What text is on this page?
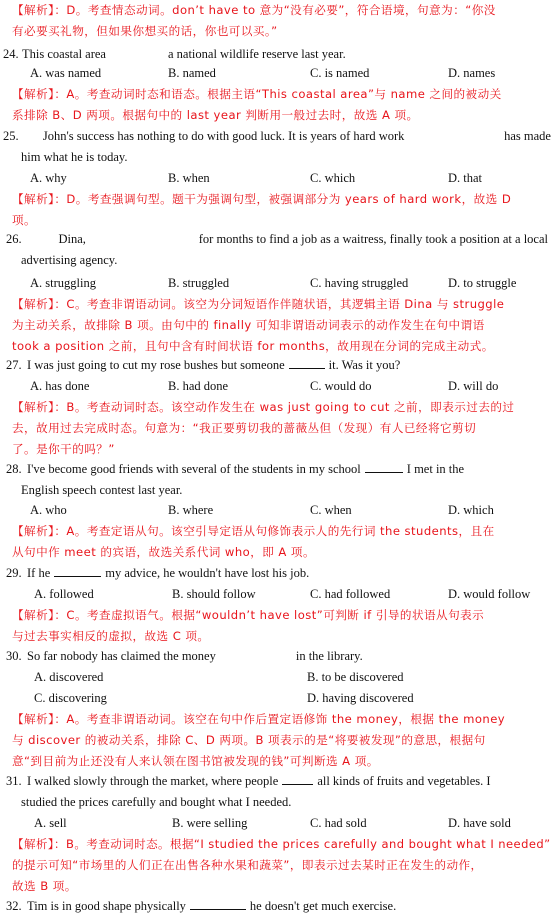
【解析】：D。考查情态动词。don’t have to 意为“没有必要”，符合语境，句意为：“你没
有必要买礼物，但如果你想买的话，你也可以买。”
24. This coastal area	a national wildlife reserve last year.
A. was named	B. named	C. is named	D. names
【解析】：A。考查动词时态和语态。根据主语“This coastal area”与 name 之间的被动关
系排除 B、D 两项。根据句中的 last year 判断用一般过去时，故选 A 项。
25. John's success has nothing to do with good luck. It is years of hard work	has made
him what he is today.
A. why	B. when	C. which	D. that
【解析】：D。考查强调句型。题干为强调句型，被强调部分为 years of hard work，故选 D
项。
26.	Dina,	for months to find a job as a waitress, finally took a position at a local
advertising agency.
A. struggling	B. struggled	C. having struggled	D. to struggle
【解析】：C。考查非谓语动词。该空为分词短语作伴随状语，其逻辑主语 Dina 与 struggle
为主动关系，故排除 B 项。由句中的 finally 可知非谓语动词表示的动作发生在句中谓语
took a position 之前，且句中含有时间状语 for months，故用现在分词的完成主动式。
27. I was just going to cut my rose bushes but someone	it. Was it you?
A. has done	B. had done	C. would do	D. will do
【解析】：B。考查动词时态。该空动作发生在 was just going to cut 之前，即表示过去的过
去，故用过去完成时态。句意为：“我正要剪切我的蔷薇丛但（发现）有人已经将它剪切
了。是你干的吗？”
28. I've become good friends with several of the students in my school	I met in the
English speech contest last year.
A. who	B. where	C. when	D. which
【解析】：A。考查定语从句。该空引导定语从句修饰表示人的先行词 the students，且在
从句中作 meet 的宾语，故选关系代词 who，即 A 项。
29. If he	my advice, he wouldn't have lost his job.
A. followed	B. should follow	C. had followed	D. would follow
【解析】：C。考查虚拟语气。根据“wouldn’t have lost”可判断 if 引导的状语从句表示
与过去事实相反的虚拟，故选 C 项。
30. So far nobody has claimed the money	in the library.
A. discovered	B. to be discovered
C. discovering	D. having discovered
【解析】：A。考查非谓语动词。该空在句中作后置定语修饰 the money，根据 the money
与 discover 的被动关系，排除 C、D 两项。B 项表示的是“将要被发现”的意思，根据句
意“到目前为止还没有人来认领在图书馆被发现的钱”可判断选 A 项。
31. I walked slowly through the market, where people	all kinds of fruits and vegetables. I
studied the prices carefully and bought what I needed.
A. sell	B. were selling	C. had sold	D. have sold
【解析】：B。考查动词时态。根据“I studied the prices carefully and bought what I needed”
的提示可知“市场里的人们正在出售各种水果和蔬菜”，即表示过去某时正在发生的动作，
故选 B 项。
32. Tim is in good shape physically	he doesn't get much exercise.
